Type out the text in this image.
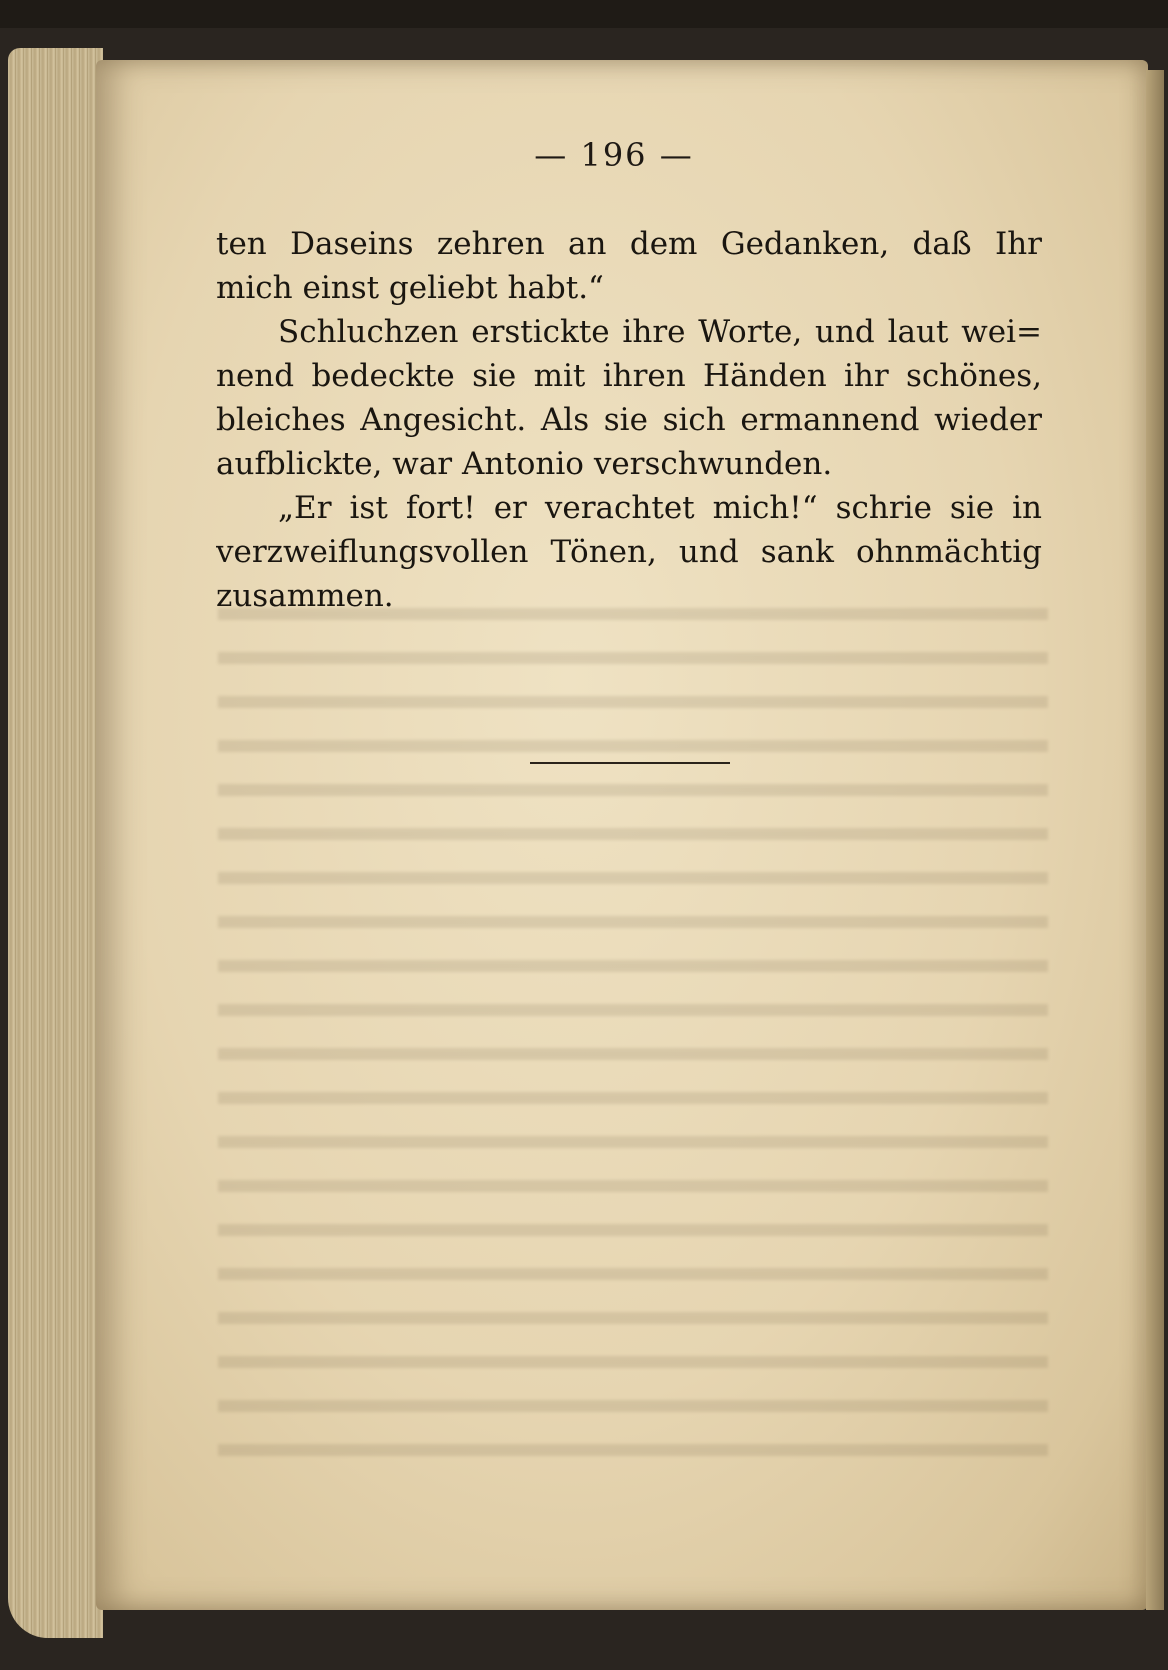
— 196 —
ten Daseins zehren an dem Gedanken, daß Ihr
mich einst geliebt habt.“
Schluchzen erstickte ihre Worte, und laut wei=
nend bedeckte sie mit ihren Händen ihr schönes,
bleiches Angesicht. Als sie sich ermannend wieder
aufblickte, war Antonio verschwunden.
„Er ist fort! er verachtet mich!“ schrie sie in
verzweiflungsvollen Tönen, und sank ohnmächtig
zusammen.
